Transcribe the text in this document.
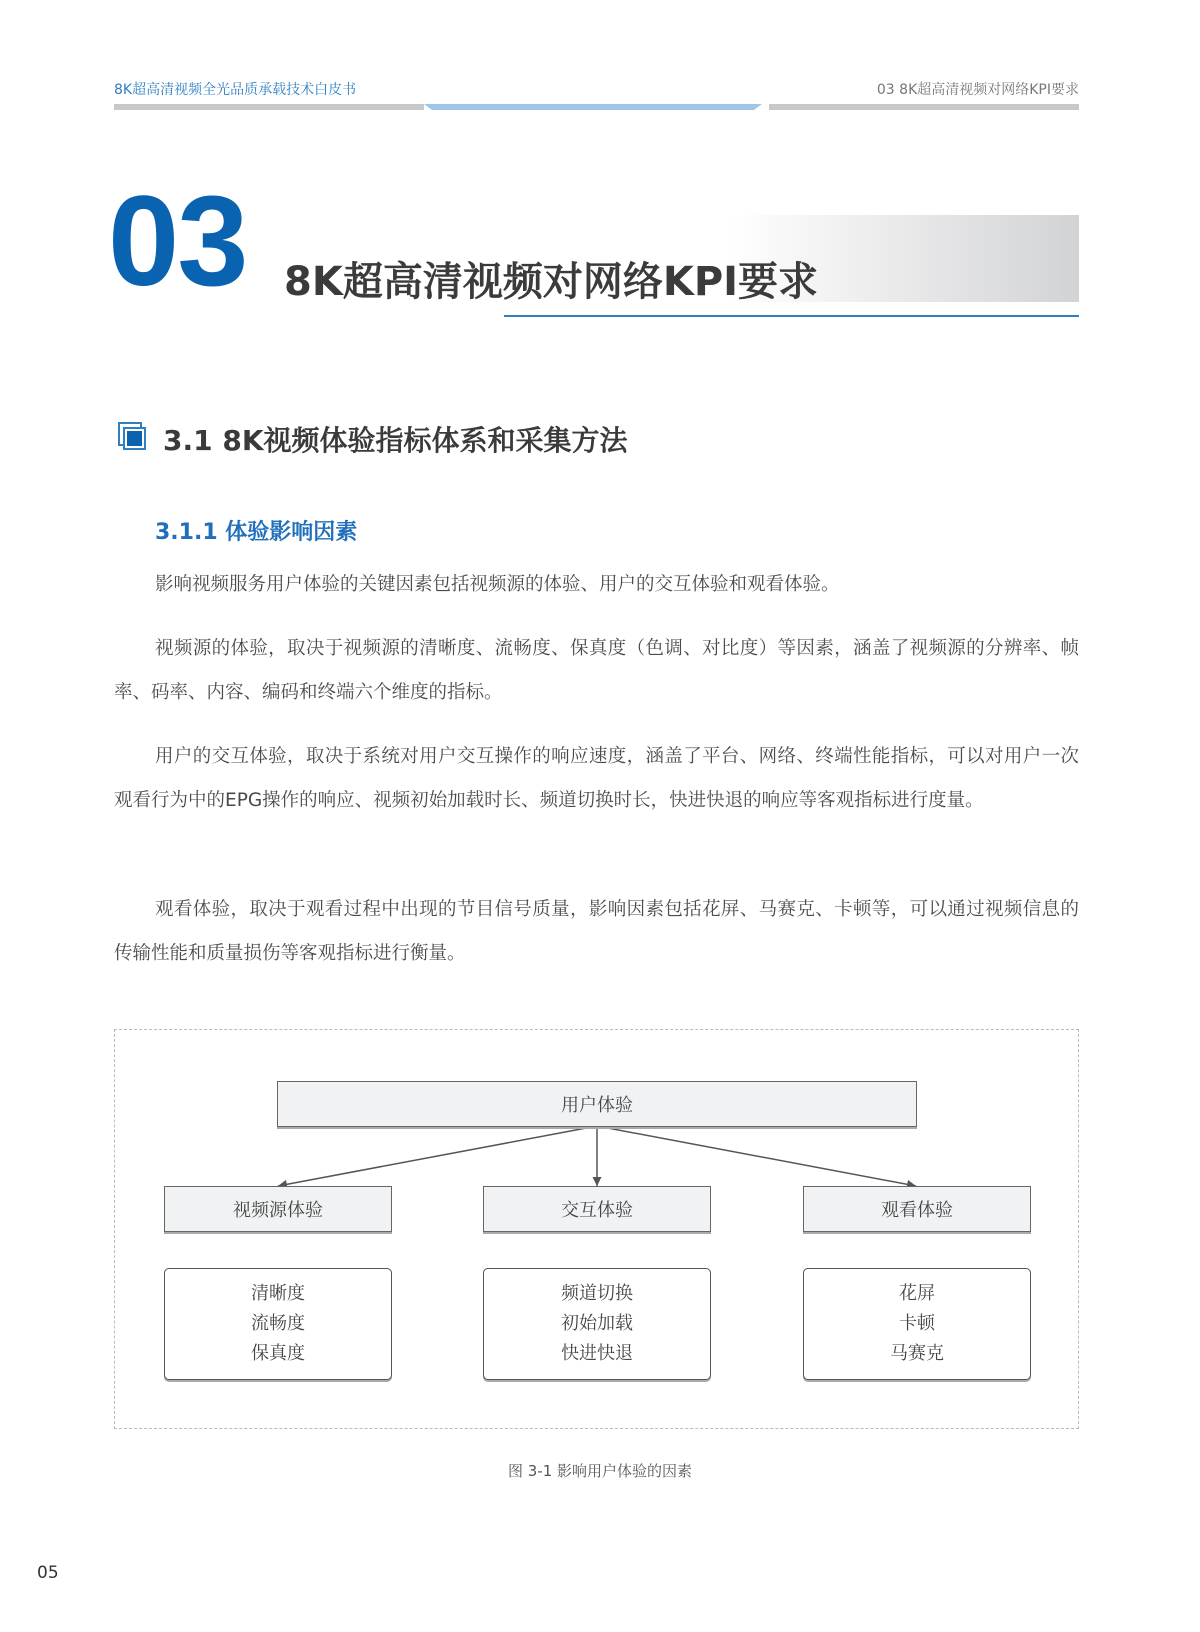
8K超高清视频全光品质承载技术白皮书	03 8K超高清视频对网络KPI要求
03 8K超高清视频对网络KPI要求
3.1 8K视频体验指标体系和采集方法
3.1.1 体验影响因素
影响视频服务用户体验的关键因素包括视频源的体验、用户的交互体验和观看体验。
视频源的体验，取决于视频源的清晰度、流畅度、保真度（色调、对比度）等因素，涵盖了视频源的分辨率、帧率、码率、内容、编码和终端六个维度的指标。
用户的交互体验，取决于系统对用户交互操作的响应速度，涵盖了平台、网络、终端性能指标，可以对用户一次观看行为中的EPG操作的响应、视频初始加载时长、频道切换时长，快进快退的响应等客观指标进行度量。
观看体验，取决于观看过程中出现的节目信号质量，影响因素包括花屏、马赛克、卡顿等，可以通过视频信息的传输性能和质量损伤等客观指标进行衡量。
用户体验
视频源体验	交互体验	观看体验
清晰度
流畅度
保真度
频道切换
初始加载
快进快退
花屏
卡顿
马赛克
图 3-1 影响用户体验的因素
05
